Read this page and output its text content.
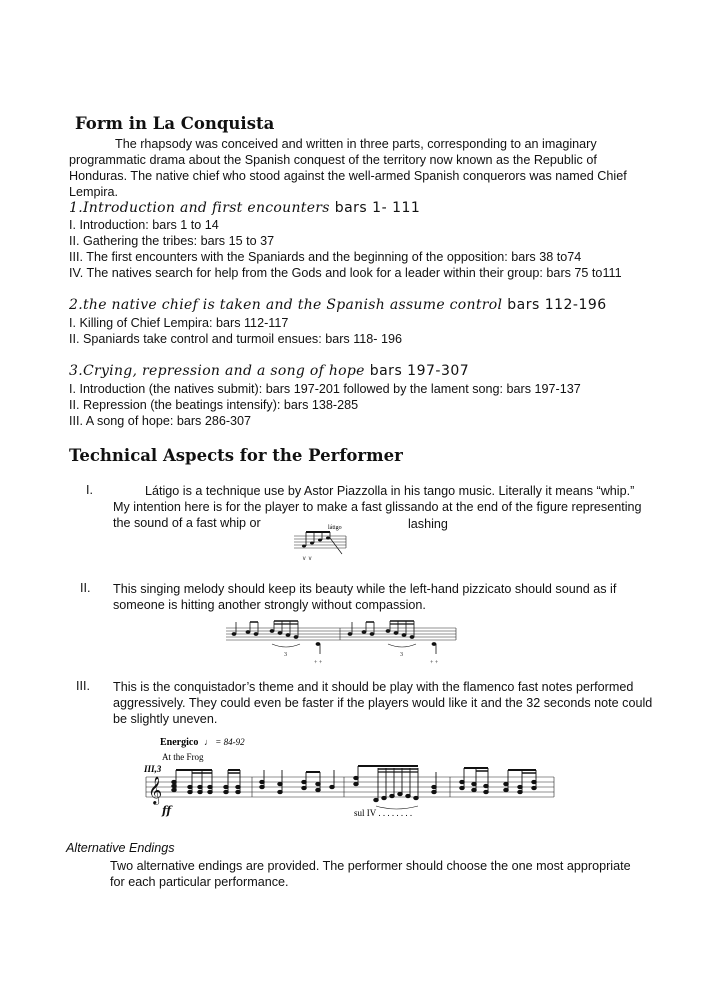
Form in La Conquista
The rhapsody was conceived and written in three parts, corresponding to an imaginary
programmatic drama about the Spanish conquest of the territory now known as the Republic of
Honduras. The native chief who stood against the well-armed Spanish conquerors was named Chief
Lempira.
1.Introduction and first encounters bars 1- 111
I. Introduction: bars 1 to 14
II. Gathering the tribes: bars 15 to 37
III. The first encounters with the Spaniards and the beginning of the opposition: bars 38 to74
IV. The natives search for help from the Gods and look for a leader within their group: bars 75 to111
2.the native chief is taken and the Spanish assume control bars 112-196
I. Killing of Chief Lempira: bars 112-117
II. Spaniards take control and turmoil ensues: bars 118- 196
3.Crying, repression and a song of hope bars 197-307
I. Introduction (the natives submit): bars 197-201 followed by the lament song: bars 197-137
II. Repression (the beatings intensify): bars 138-285
III. A song of hope: bars 286-307
Technical Aspects for the Performer
I.	Látigo is a technique use by Astor Piazzolla in his tango music. Literally it means “whip.”
My intention here is for the player to make a fast glissando at the end of the figure representing
the sound of a fast whip or	lashing
látigo
∨ ∨
II. This singing melody should keep its beauty while the left-hand pizzicato should sound as if
someone is hitting another strongly without compassion.
+ +	+ +
3	3
III. This is the conquistador’s theme and it should be play with the flamenco fast notes performed
aggressively. They could even be faster if the players would like it and the 32 seconds note could
be slightly uneven.
Energico ♩ = 84-92
At the Frog
III,3
𝄞
ff	sul IV . . . . . . . .
Alternative Endings
Two alternative endings are provided. The performer should choose the one most appropriate
for each particular performance.
